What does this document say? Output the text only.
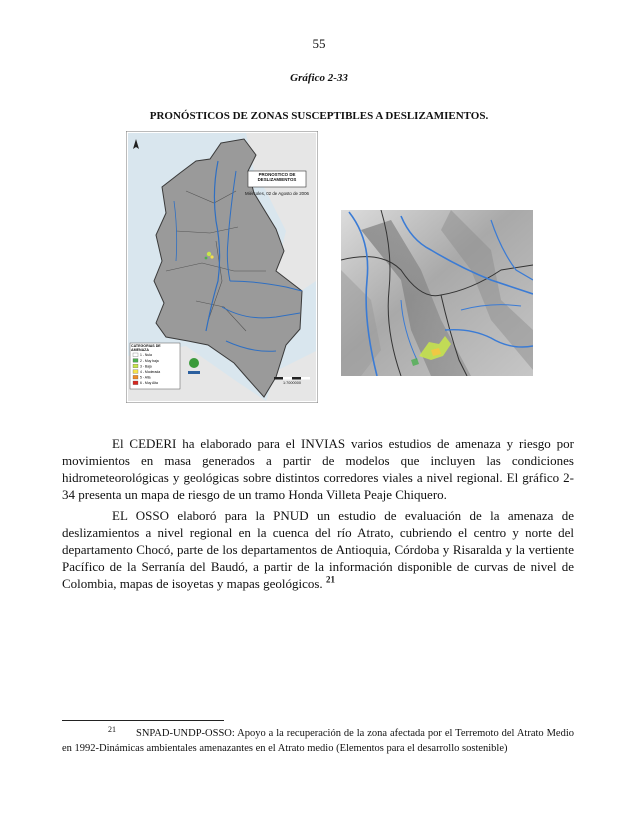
55
Gráfico 2-33
PRONÓSTICOS DE ZONAS SUSCEPTIBLES A DESLIZAMIENTOS.
PRONOSTICO DE DESLIZAMIENTOS
Miércoles, 02 de Agosto de 2006
CATEGORIAS DE AMENAZA
1 - Nula
2 - Muy baja
3 - Baja
4 - Moderada
5 - Alta
6 - Muy Alta	1:7000000

El CEDERI ha elaborado para el INVIAS varios estudios de amenaza y riesgo por movimientos en masa generados a partir de modelos que incluyen las condiciones hidrometeorológicas y geológicas sobre distintos corredores viales a nivel regional. El gráfico 2-34 presenta un mapa de riesgo de un tramo Honda Villeta Peaje Chiquero.

EL OSSO elaboró para la PNUD un estudio de evaluación de la amenaza de deslizamientos a nivel regional en la cuenca del río Atrato, cubriendo el centro y norte del departamento Chocó, parte de los departamentos de Antioquia, Córdoba y Risaralda y la vertiente Pacífico de la Serranía del Baudó, a partir de la información disponible de curvas de nivel de Colombia, mapas de isoyetas y mapas geológicos. $^{21}$

21 SNPAD-UNDP-OSSO: Apoyo a la recuperación de la zona afectada por el Terremoto del Atrato Medio en 1992-Dinámicas ambientales amenazantes en el Atrato medio (Elementos para el desarrollo sostenible)
